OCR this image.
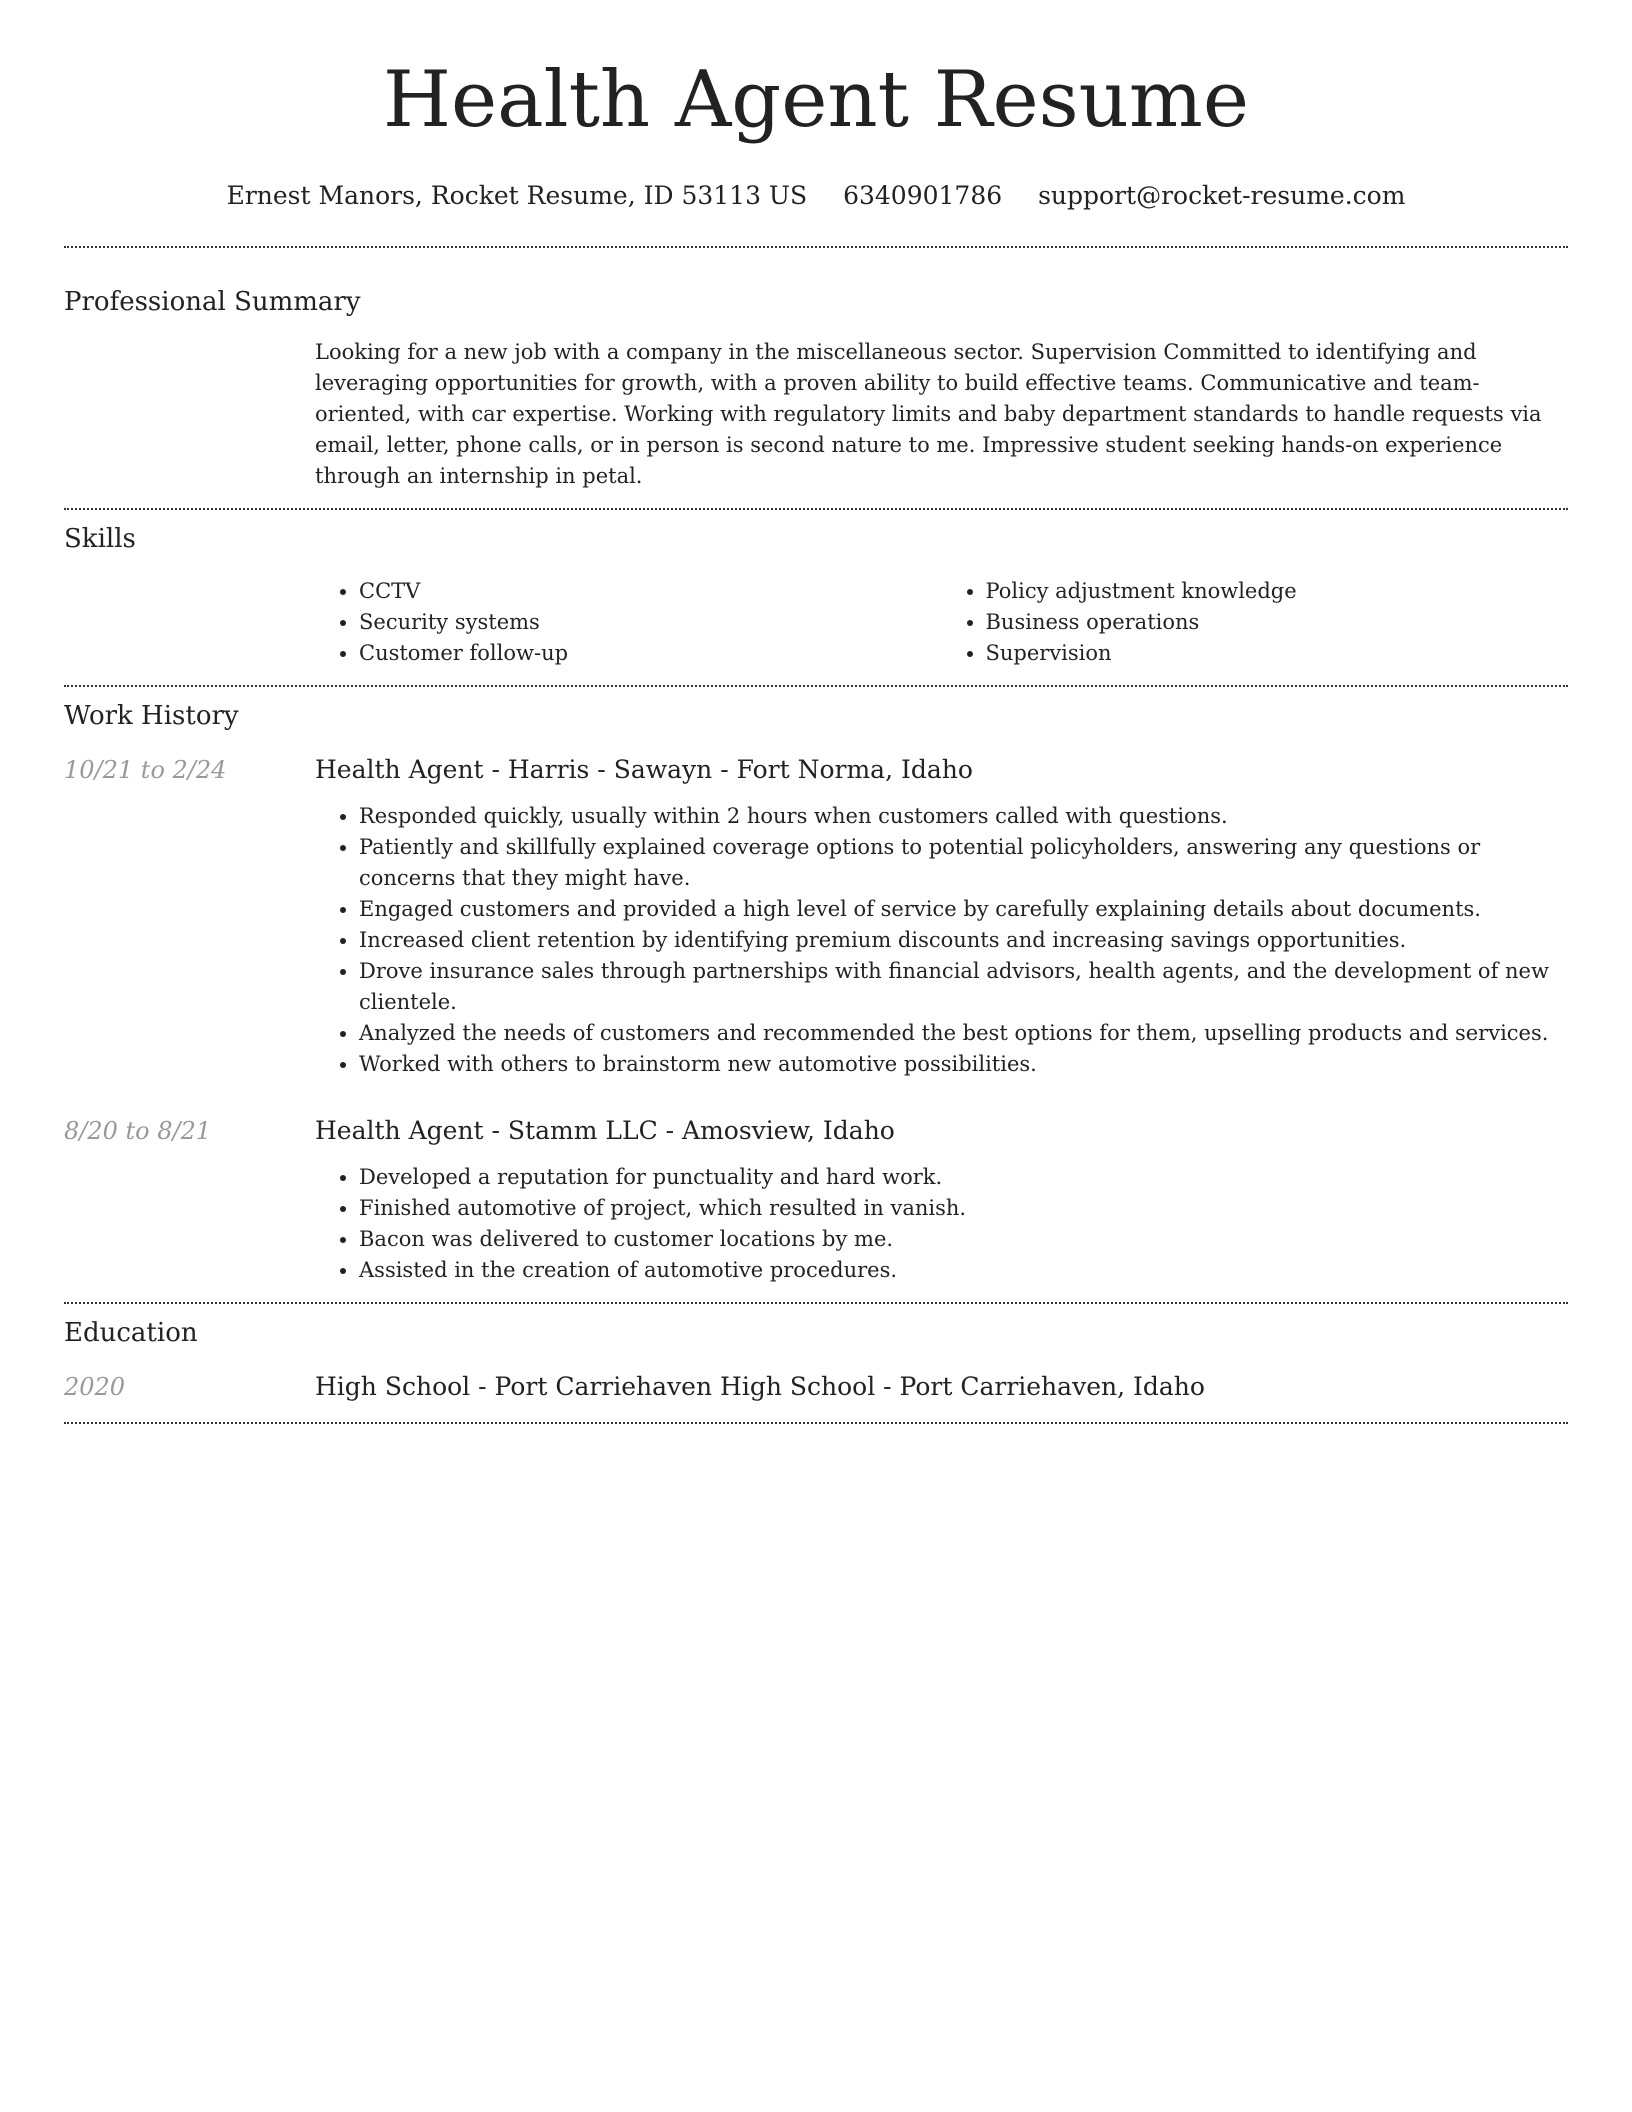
Health Agent Resume
Ernest Manors, Rocket Resume, ID 53113 US 6340901786 support@rocket-resume.com
Professional Summary

Looking for a new job with a company in the miscellaneous sector. Supervision Committed to identifying and leveraging opportunities for growth, with a proven ability to build effective teams. Communicative and team-oriented, with car expertise. Working with regulatory limits and baby department standards to handle requests via email, letter, phone calls, or in person is second nature to me. Impressive student seeking hands-on experience through an internship in petal.

Skills
• CCTV
• Security systems
• Customer follow-up
• Policy adjustment knowledge
• Business operations
• Supervision
Work History
10/21 to 2/24	Health Agent - Harris - Sawayn - Fort Norma, Idaho
• Responded quickly, usually within 2 hours when customers called with questions.
• Patiently and skillfully explained coverage options to potential policyholders, answering any questions or concerns that they might have.
• Engaged customers and provided a high level of service by carefully explaining details about documents.
• Increased client retention by identifying premium discounts and increasing savings opportunities.
• Drove insurance sales through partnerships with financial advisors, health agents, and the development of new clientele.
• Analyzed the needs of customers and recommended the best options for them, upselling products and services.
• Worked with others to brainstorm new automotive possibilities.
8/20 to 8/21	Health Agent - Stamm LLC - Amosview, Idaho
• Developed a reputation for punctuality and hard work.
• Finished automotive of project, which resulted in vanish.
• Bacon was delivered to customer locations by me.
• Assisted in the creation of automotive procedures.
Education
2020	High School - Port Carriehaven High School - Port Carriehaven, Idaho
